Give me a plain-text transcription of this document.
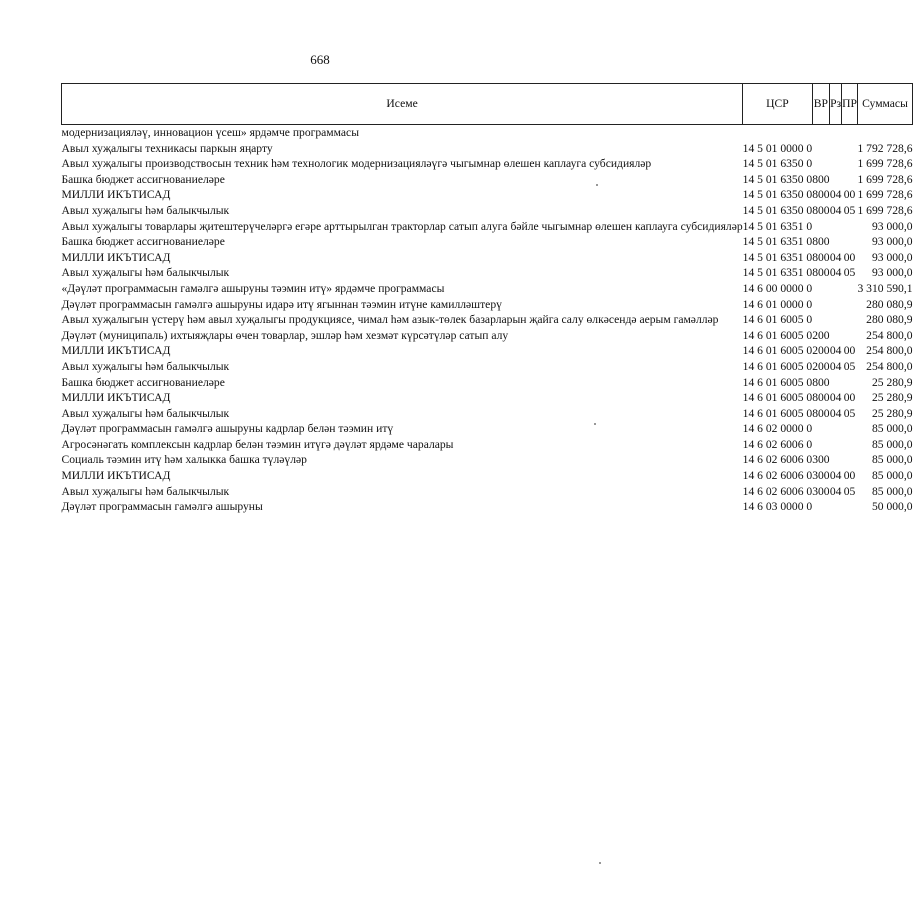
668
Исеме	ЦСР	ВР	Рз	ПР	Суммасы
модернизацияләү, инновацион үсеш» ярдәмче программасы					
Авыл хуҗалыгы техникасы паркын яңарту	14 5 01 0000 0				1 792 728,6
Авыл хуҗалыгы производствосын техник һәм технологик модернизацияләүгә чыгымнар өлешен каплауга субсидияләр	14 5 01 6350 0				1 699 728,6
Башка бюджет ассигнованиеләре	14 5 01 6350 0	800			1 699 728,6
МИЛЛИ ИКЪТИСАД	14 5 01 6350 0	800	04	00	1 699 728,6
Авыл хуҗалыгы һәм балыкчылык	14 5 01 6350 0	800	04	05	1 699 728,6
Авыл хуҗалыгы товарлары җитештерүчеләргә егәре арттырылган тракторлар сатып алуга бәйле чыгымнар өлешен каплауга субсидияләр	14 5 01 6351 0				93 000,0
Башка бюджет ассигнованиеләре	14 5 01 6351 0	800			93 000,0
МИЛЛИ ИКЪТИСАД	14 5 01 6351 0	800	04	00	93 000,0
Авыл хуҗалыгы һәм балыкчылык	14 5 01 6351 0	800	04	05	93 000,0
«Дәүләт программасын гамәлгә ашыруны тәэмин итү» ярдәмче программасы	14 6 00 0000 0				3 310 590,1
Дәүләт программасын гамәлгә ашыруны идарә итү ягыннан тәэмин итүне камилләштерү	14 6 01 0000 0				280 080,9
Авыл хуҗалыгын үстерү һәм авыл хуҗалыгы продукциясе, чимал һәм азык-төлек базарларын җайга салу өлкәсендә аерым гамәлләр	14 6 01 6005 0				280 080,9
Дәүләт (муниципаль) ихтыяҗлары өчен товарлар, эшләр һәм хезмәт күрсәтүләр сатып алу	14 6 01 6005 0	200			254 800,0
МИЛЛИ ИКЪТИСАД	14 6 01 6005 0	200	04	00	254 800,0
Авыл хуҗалыгы һәм балыкчылык	14 6 01 6005 0	200	04	05	254 800,0
Башка бюджет ассигнованиеләре	14 6 01 6005 0	800			25 280,9
МИЛЛИ ИКЪТИСАД	14 6 01 6005 0	800	04	00	25 280,9
Авыл хуҗалыгы һәм балыкчылык	14 6 01 6005 0	800	04	05	25 280,9
Дәүләт программасын гамәлгә ашыруны кадрлар белән тәэмин итү	14 6 02 0000 0				85 000,0
Агросәнәгать комплексын кадрлар белән тәэмин итүгә дәүләт ярдәме чаралары	14 6 02 6006 0				85 000,0
Социаль тәэмин итү һәм халыкка башка түләүләр	14 6 02 6006 0	300			85 000,0
МИЛЛИ ИКЪТИСАД	14 6 02 6006 0	300	04	00	85 000,0
Авыл хуҗалыгы һәм балыкчылык	14 6 02 6006 0	300	04	05	85 000,0
Дәүләт программасын гамәлгә ашыруны	14 6 03 0000 0				50 000,0
